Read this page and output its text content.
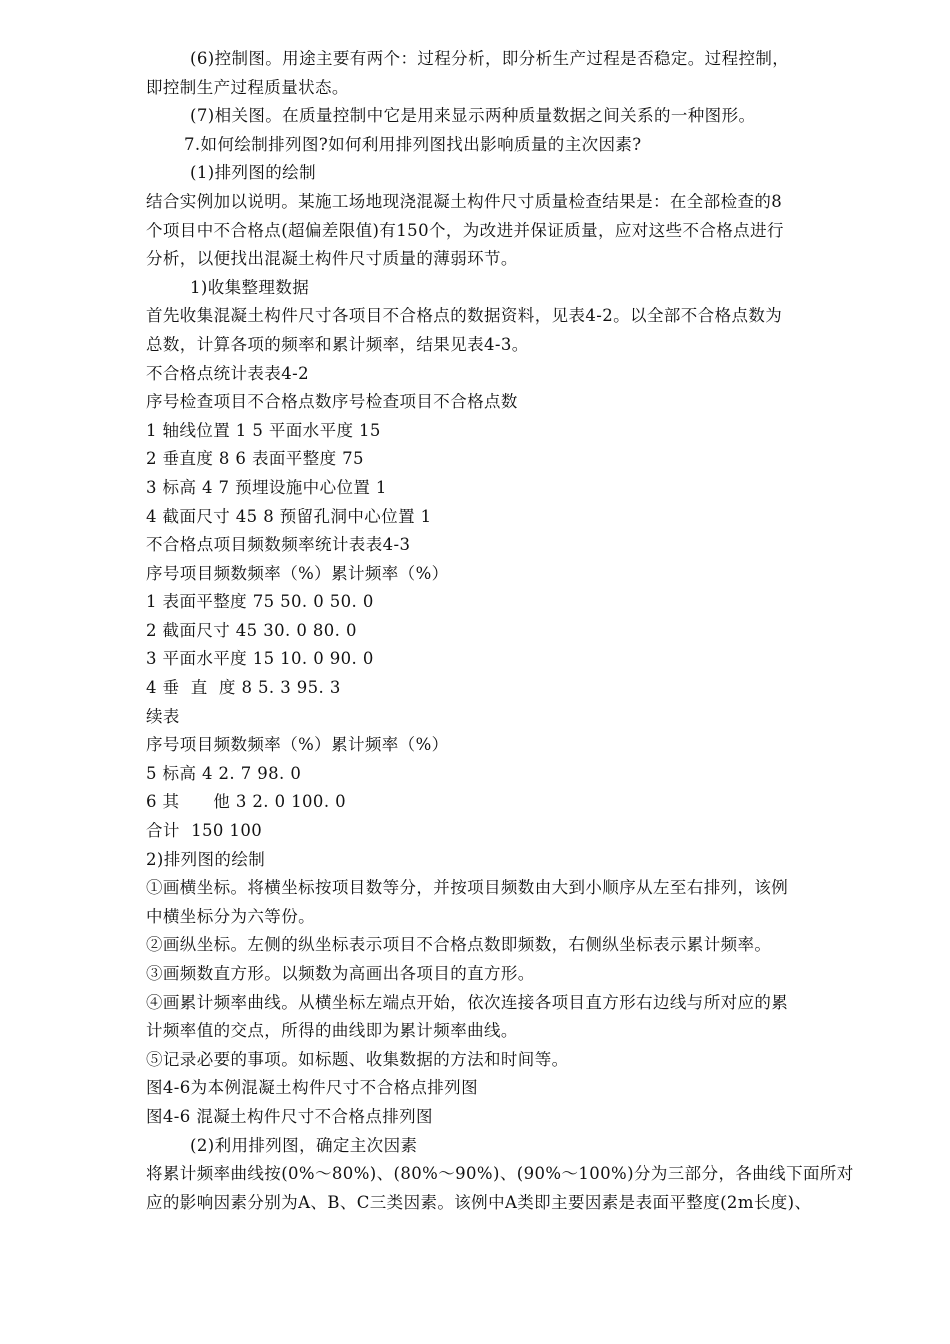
(6)控制图。用途主要有两个：过程分析，即分析生产过程是否稳定。过程控制，
即控制生产过程质量状态。
(7)相关图。在质量控制中它是用来显示两种质量数据之间关系的一种图形。
7.如何绘制排列图?如何利用排列图找出影响质量的主次因素?
(1)排列图的绘制
结合实例加以说明。某施工场地现浇混凝土构件尺寸质量检查结果是：在全部检查的8
个项目中不合格点(超偏差限值)有150个，为改进并保证质量，应对这些不合格点进行
分析，以便找出混凝土构件尺寸质量的薄弱环节。
1)收集整理数据
首先收集混凝土构件尺寸各项目不合格点的数据资料，见表4-2。以全部不合格点数为
总数，计算各项的频率和累计频率，结果见表4-3。
不合格点统计表表4-2
序号检查项目不合格点数序号检查项目不合格点数
1 轴线位置 1 5 平面水平度 15
2 垂直度 8 6 表面平整度 75
3 标高 4 7 预埋设施中心位置 1
4 截面尺寸 45 8 预留孔洞中心位置 1
不合格点项目频数频率统计表表4-3
序号项目频数频率（%）累计频率（%）
1 表面平整度 75 50. 0 50. 0
2 截面尺寸 45 30. 0 80. 0
3 平面水平度 15 10. 0 90. 0
4 垂  直  度 8 5. 3 95. 3
续表
序号项目频数频率（%）累计频率（%）
5 标高 4 2. 7 98. 0
6 其      他 3 2. 0 100. 0
合计  150 100
2)排列图的绘制
①画横坐标。将横坐标按项目数等分，并按项目频数由大到小顺序从左至右排列，该例
中横坐标分为六等份。
②画纵坐标。左侧的纵坐标表示项目不合格点数即频数，右侧纵坐标表示累计频率。
③画频数直方形。以频数为高画出各项目的直方形。
④画累计频率曲线。从横坐标左端点开始，依次连接各项目直方形右边线与所对应的累
计频率值的交点，所得的曲线即为累计频率曲线。
⑤记录必要的事项。如标题、收集数据的方法和时间等。
图4-6为本例混凝土构件尺寸不合格点排列图
图4-6 混凝土构件尺寸不合格点排列图
(2)利用排列图，确定主次因素
将累计频率曲线按(0%～80%)、(80%～90%)、(90%～100%)分为三部分，各曲线下面所对
应的影响因素分别为A、B、C三类因素。该例中A类即主要因素是表面平整度(2m长度)、
